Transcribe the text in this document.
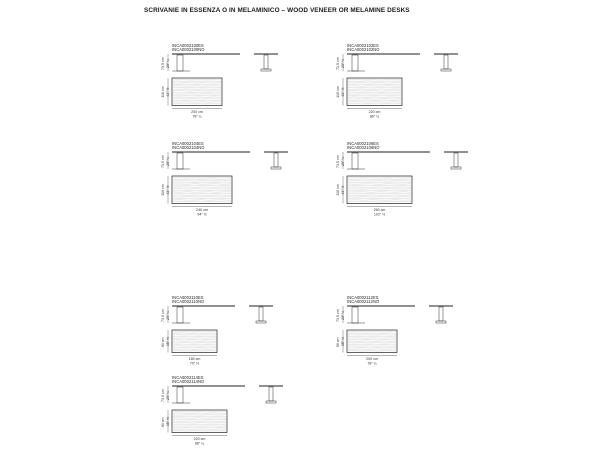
SCRIVANIE IN ESSENZA O IN MELAMINICO – WOOD VENEER OR MELAMINE DESKS
INCA0002100ES
INCA0002100NO
73,5 cm 29" ¼
110 cm 43" ½
200 cm
78" ¼
INCA0002102ES
INCA0002102NO
73,5 cm 29" ¼
110 cm 43" ½
220 cm
86" ¼
INCA0002104ES
INCA0002104NO
73,5 cm 29" ¼
110 cm 43" ½
240 cm
94" ½
INCA0002106ES
INCA0002106NO
73,5 cm 29" ¼
110 cm 43" ½
260 cm
102" ½
INCA0002110ES
INCA0002110NO
73,5 cm 29" ¼
90 cm 35" ½
180 cm
70" ½
INCA0002112ES
INCA0002112NO
73,5 cm 29" ¼
90 cm 35" ½
200 cm
78" ¼
INCA0002114ES
INCA0002114NO
73,5 cm 29" ¼
90 cm 35" ½
220 cm
86" ¼
